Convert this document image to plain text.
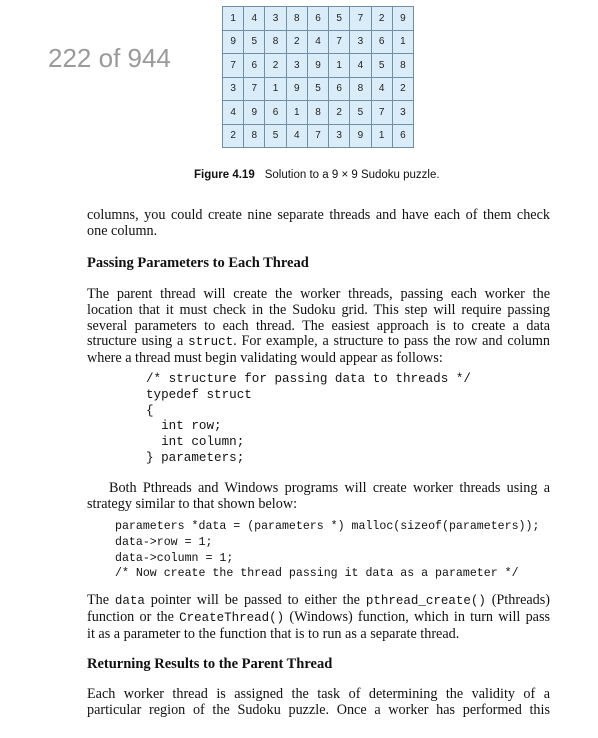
222 of 944
1	4	3	8	6	5	7	2	9
9	5	8	2	4	7	3	6	1
7	6	2	3	9	1	4	5	8
3	7	1	9	5	6	8	4	2
4	9	6	1	8	2	5	7	3
2	8	5	4	7	3	9	1	6
Figure 4.19 Solution to a 9 × 9 Sudoku puzzle.

columns, you could create nine separate threads and have each of them check
one column.

Passing Parameters to Each Thread

The parent thread will create the worker threads, passing each worker the
location that it must check in the Sudoku grid. This step will require passing
several parameters to each thread. The easiest approach is to create a data
structure using a struct. For example, a structure to pass the row and column
where a thread must begin validating would appear as follows:

/* structure for passing data to threads */
typedef struct
{
int row;
int column;
} parameters;

Both Pthreads and Windows programs will create worker threads using a
strategy similar to that shown below:

parameters *data = (parameters *) malloc(sizeof(parameters));
data->row = 1;
data->column = 1;
/* Now create the thread passing it data as a parameter */

The data pointer will be passed to either the pthread_create() (Pthreads)
function or the CreateThread() (Windows) function, which in turn will pass
it as a parameter to the function that is to run as a separate thread.

Returning Results to the Parent Thread

Each worker thread is assigned the task of determining the validity of a
particular region of the Sudoku puzzle. Once a worker has performed this
